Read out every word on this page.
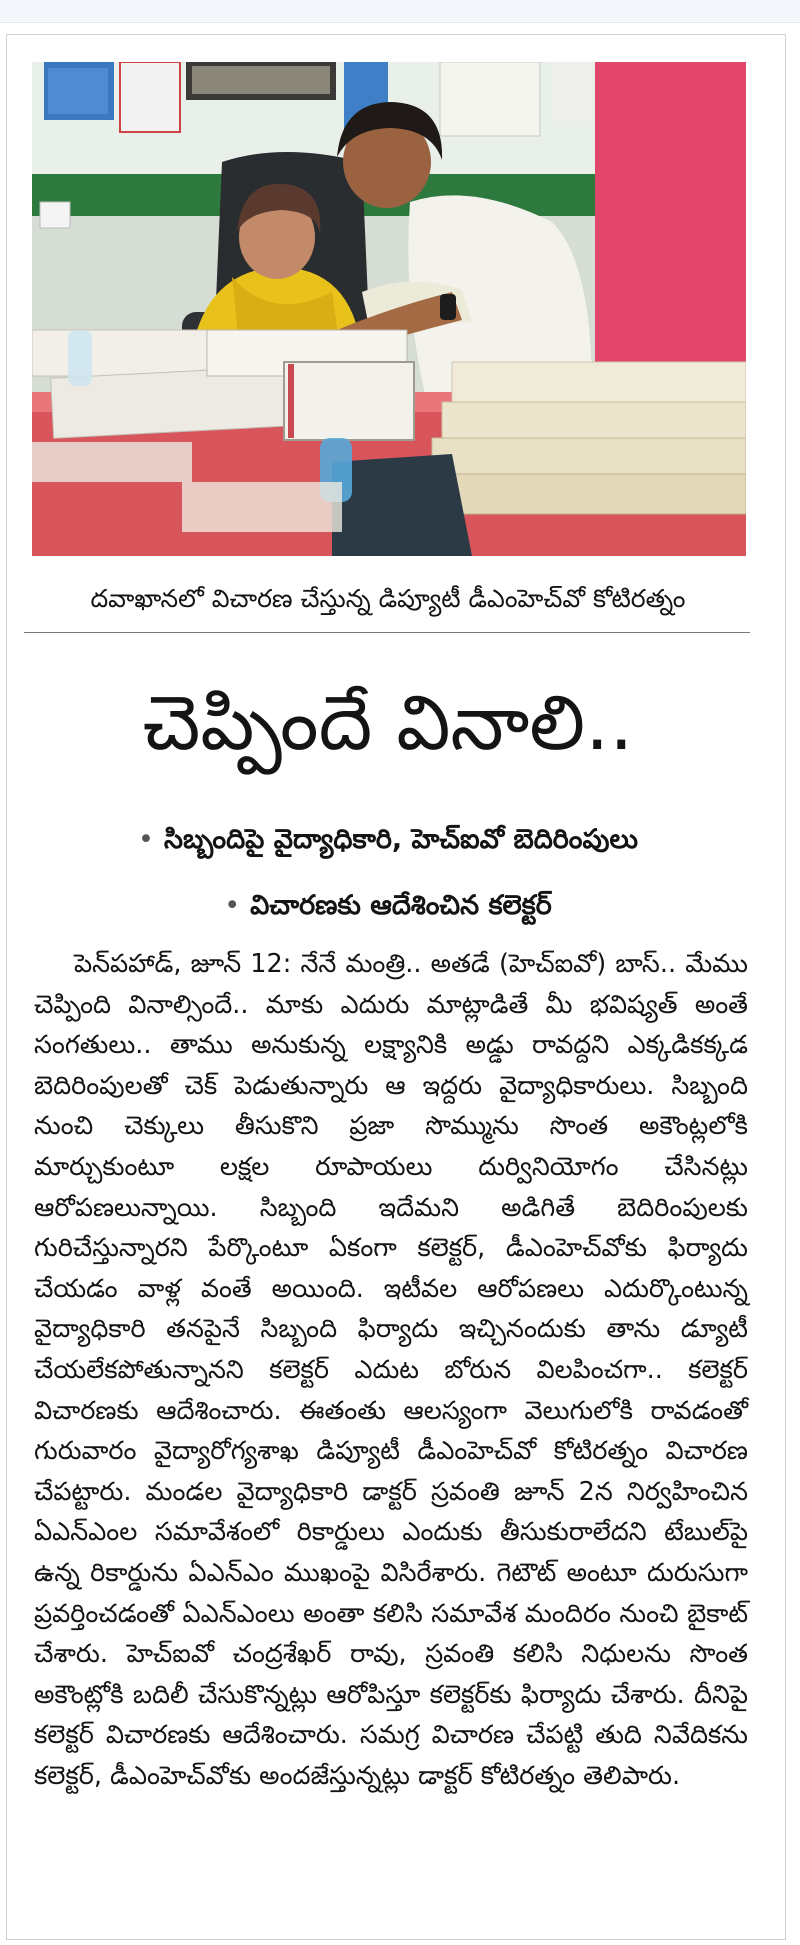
దవాఖానలో విచారణ చేస్తున్న డిప్యూటీ డీఎంహెచ్‌వో కోటిరత్నం

చెప్పిందే వినాలి..
• సిబ్బందిపై వైద్యాధికారి, హెచ్ఐవో బెదిరింపులు
• విచారణకు ఆదేశించిన కలెక్టర్

పెన్‌పహాడ్, జూన్ 12: నేనే మంత్రి.. అతడే (హెచ్ఐవో) బాస్.. మేము చెప్పింది వినాల్సిందే.. మాకు ఎదురు మాట్లాడితే మీ భవిష్యత్ అంతే సంగతులు.. తాము అనుకున్న లక్ష్యానికి అడ్డు రావద్దని ఎక్కడికక్కడ బెదిరింపులతో చెక్ పెడుతున్నారు ఆ ఇద్దరు వైద్యాధికారులు. సిబ్బంది నుంచి చెక్కులు తీసుకొని ప్రజా సొమ్మును సొంత అకౌంట్లలోకి మార్చుకుంటూ లక్షల రూపాయలు దుర్వినియోగం చేసినట్లు ఆరోపణలున్నాయి. సిబ్బంది ఇదేమని అడిగితే బెదిరింపులకు గురిచేస్తున్నారని పేర్కొంటూ ఏకంగా కలెక్టర్, డీఎంహెచ్‌వోకు ఫిర్యాదు చేయడం వాళ్ల వంతే అయింది. ఇటీవల ఆరోపణలు ఎదుర్కొంటున్న వైద్యాధికారి తనపైనే సిబ్బంది ఫిర్యాదు ఇచ్చినందుకు తాను డ్యూటీ చేయలేకపోతున్నానని కలెక్టర్ ఎదుట బోరున విలపించగా.. కలెక్టర్ విచారణకు ఆదేశించారు. ఈతంతు ఆలస్యంగా వెలుగులోకి రావడంతో గురువారం వైద్యారోగ్యశాఖ డిప్యూటీ డీఎంహెచ్‌వో కోటిరత్నం విచారణ చేపట్టారు. మండల వైద్యాధికారి డాక్టర్ స్రవంతి జూన్ 2న నిర్వహించిన ఏఎన్ఎంల సమావేశంలో రికార్డులు ఎందుకు తీసుకురాలేదని టేబుల్‌పై ఉన్న రికార్డును ఏఎన్ఎం ముఖంపై విసిరేశారు. గెటౌట్ అంటూ దురుసుగా ప్రవర్తించడంతో ఏఎన్ఎంలు అంతా కలిసి సమావేశ మందిరం నుంచి బైకాట్ చేశారు. హెచ్ఐవో చంద్రశేఖర్ రావు, స్రవంతి కలిసి నిధులను సొంత అకౌంట్లోకి బదిలీ చేసుకొన్నట్లు ఆరోపిస్తూ కలెక్టర్‌కు ఫిర్యాదు చేశారు. దీనిపై కలెక్టర్ విచారణకు ఆదేశించారు. సమగ్ర విచారణ చేపట్టి తుది నివేదికను కలెక్టర్, డీఎంహెచ్‌వోకు అందజేస్తున్నట్లు డాక్టర్ కోటిరత్నం తెలిపారు.
